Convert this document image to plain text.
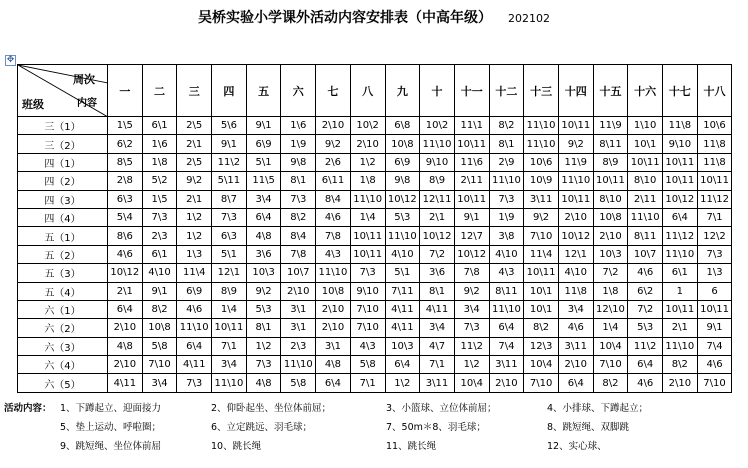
吴桥实验小学课外活动内容安排表（中高年级） 202102
✥
周次
内容
班级	一	二	三	四	五	六	七	八	九	十	十一	十二	十三	十四	十五	十六	十七	十八
三（1）	1\5	6\1	2\5	5\6	9\1	1\6	2\10	10\2	6\8	10\2	11\1	8\2	11\10	10\11	11\9	1\10	11\8	10\6
三（2）	6\2	1\6	2\1	9\1	6\9	1\9	9\2	2\10	10\8	11\10	10\11	8\1	11\10	9\2	8\11	10\1	9\10	11\8
四（1）	8\5	1\8	2\5	11\2	5\1	9\8	2\6	1\2	6\9	9\10	11\6	2\9	10\6	11\9	8\9	10\11	10\11	11\8
四（2）	2\8	5\2	9\2	5\11	11\5	8\1	6\11	1\8	9\8	8\9	2\11	11\10	10\9	11\10	10\11	8\10	10\11	10\11
四（3）	6\3	1\5	2\1	8\7	3\4	7\3	8\4	11\10	10\12	12\11	10\11	7\3	3\11	10\11	8\10	2\11	10\12	11\12
四（4）	5\4	7\3	1\2	7\3	6\4	8\2	4\6	1\4	5\3	2\1	9\1	1\9	9\2	2\10	10\8	11\10	6\4	7\1
五（1）	8\6	2\3	1\2	6\3	4\8	8\4	7\8	10\11	11\10	10\12	12\7	3\8	7\10	10\12	2\10	8\11	11\12	12\2
五（2）	4\6	6\1	1\3	5\1	3\6	7\8	4\3	10\11	4\10	7\2	10\12	4\10	11\4	12\1	10\3	10\7	11\10	7\3
五（3）	10\12	4\10	11\4	12\1	10\3	10\7	11\10	7\3	5\1	3\6	7\8	4\3	10\11	4\10	7\2	4\6	6\1	1\3
五（4）	2\1	9\1	6\9	8\9	9\2	2\10	10\8	9\10	7\11	8\1	9\2	8\11	10\1	11\8	1\8	6\2	1	6
六（1）	6\4	8\2	4\6	1\4	5\3	3\1	2\10	7\10	4\11	4\11	3\4	11\10	10\1	3\4	12\10	7\2	10\11	10\11
六（2）	2\10	10\8	11\10	10\11	8\1	3\1	2\10	7\10	4\11	3\4	7\3	6\4	8\2	4\6	1\4	5\3	2\1	9\1
六（3）	4\8	5\8	6\4	7\1	1\2	2\3	3\1	4\3	10\3	4\7	11\2	7\4	12\3	3\11	10\4	11\2	11\10	7\4
六（4）	2\10	7\10	4\11	3\4	7\3	11\10	4\8	5\8	6\4	7\1	1\2	3\11	10\4	2\10	7\10	6\4	8\2	4\6
六（5）	4\11	3\4	7\3	11\10	4\8	5\8	6\4	7\1	1\2	3\11	10\4	2\10	7\10	6\4	8\2	4\6	2\10	7\10
活动内容： 1、下蹲起立、迎面接力	2、仰卧起坐、坐位体前屈；	3、小篮球、立位体前屈；	4、小排球、下蹲起立；
5、垫上运动、呼啦圈；	6、立定跳远、羽毛球；	7、50m＊8、羽毛球；	8、跳短绳、双脚跳
9、跳短绳、坐位体前屈	10、跳长绳	11、跳长绳	12、实心球、
